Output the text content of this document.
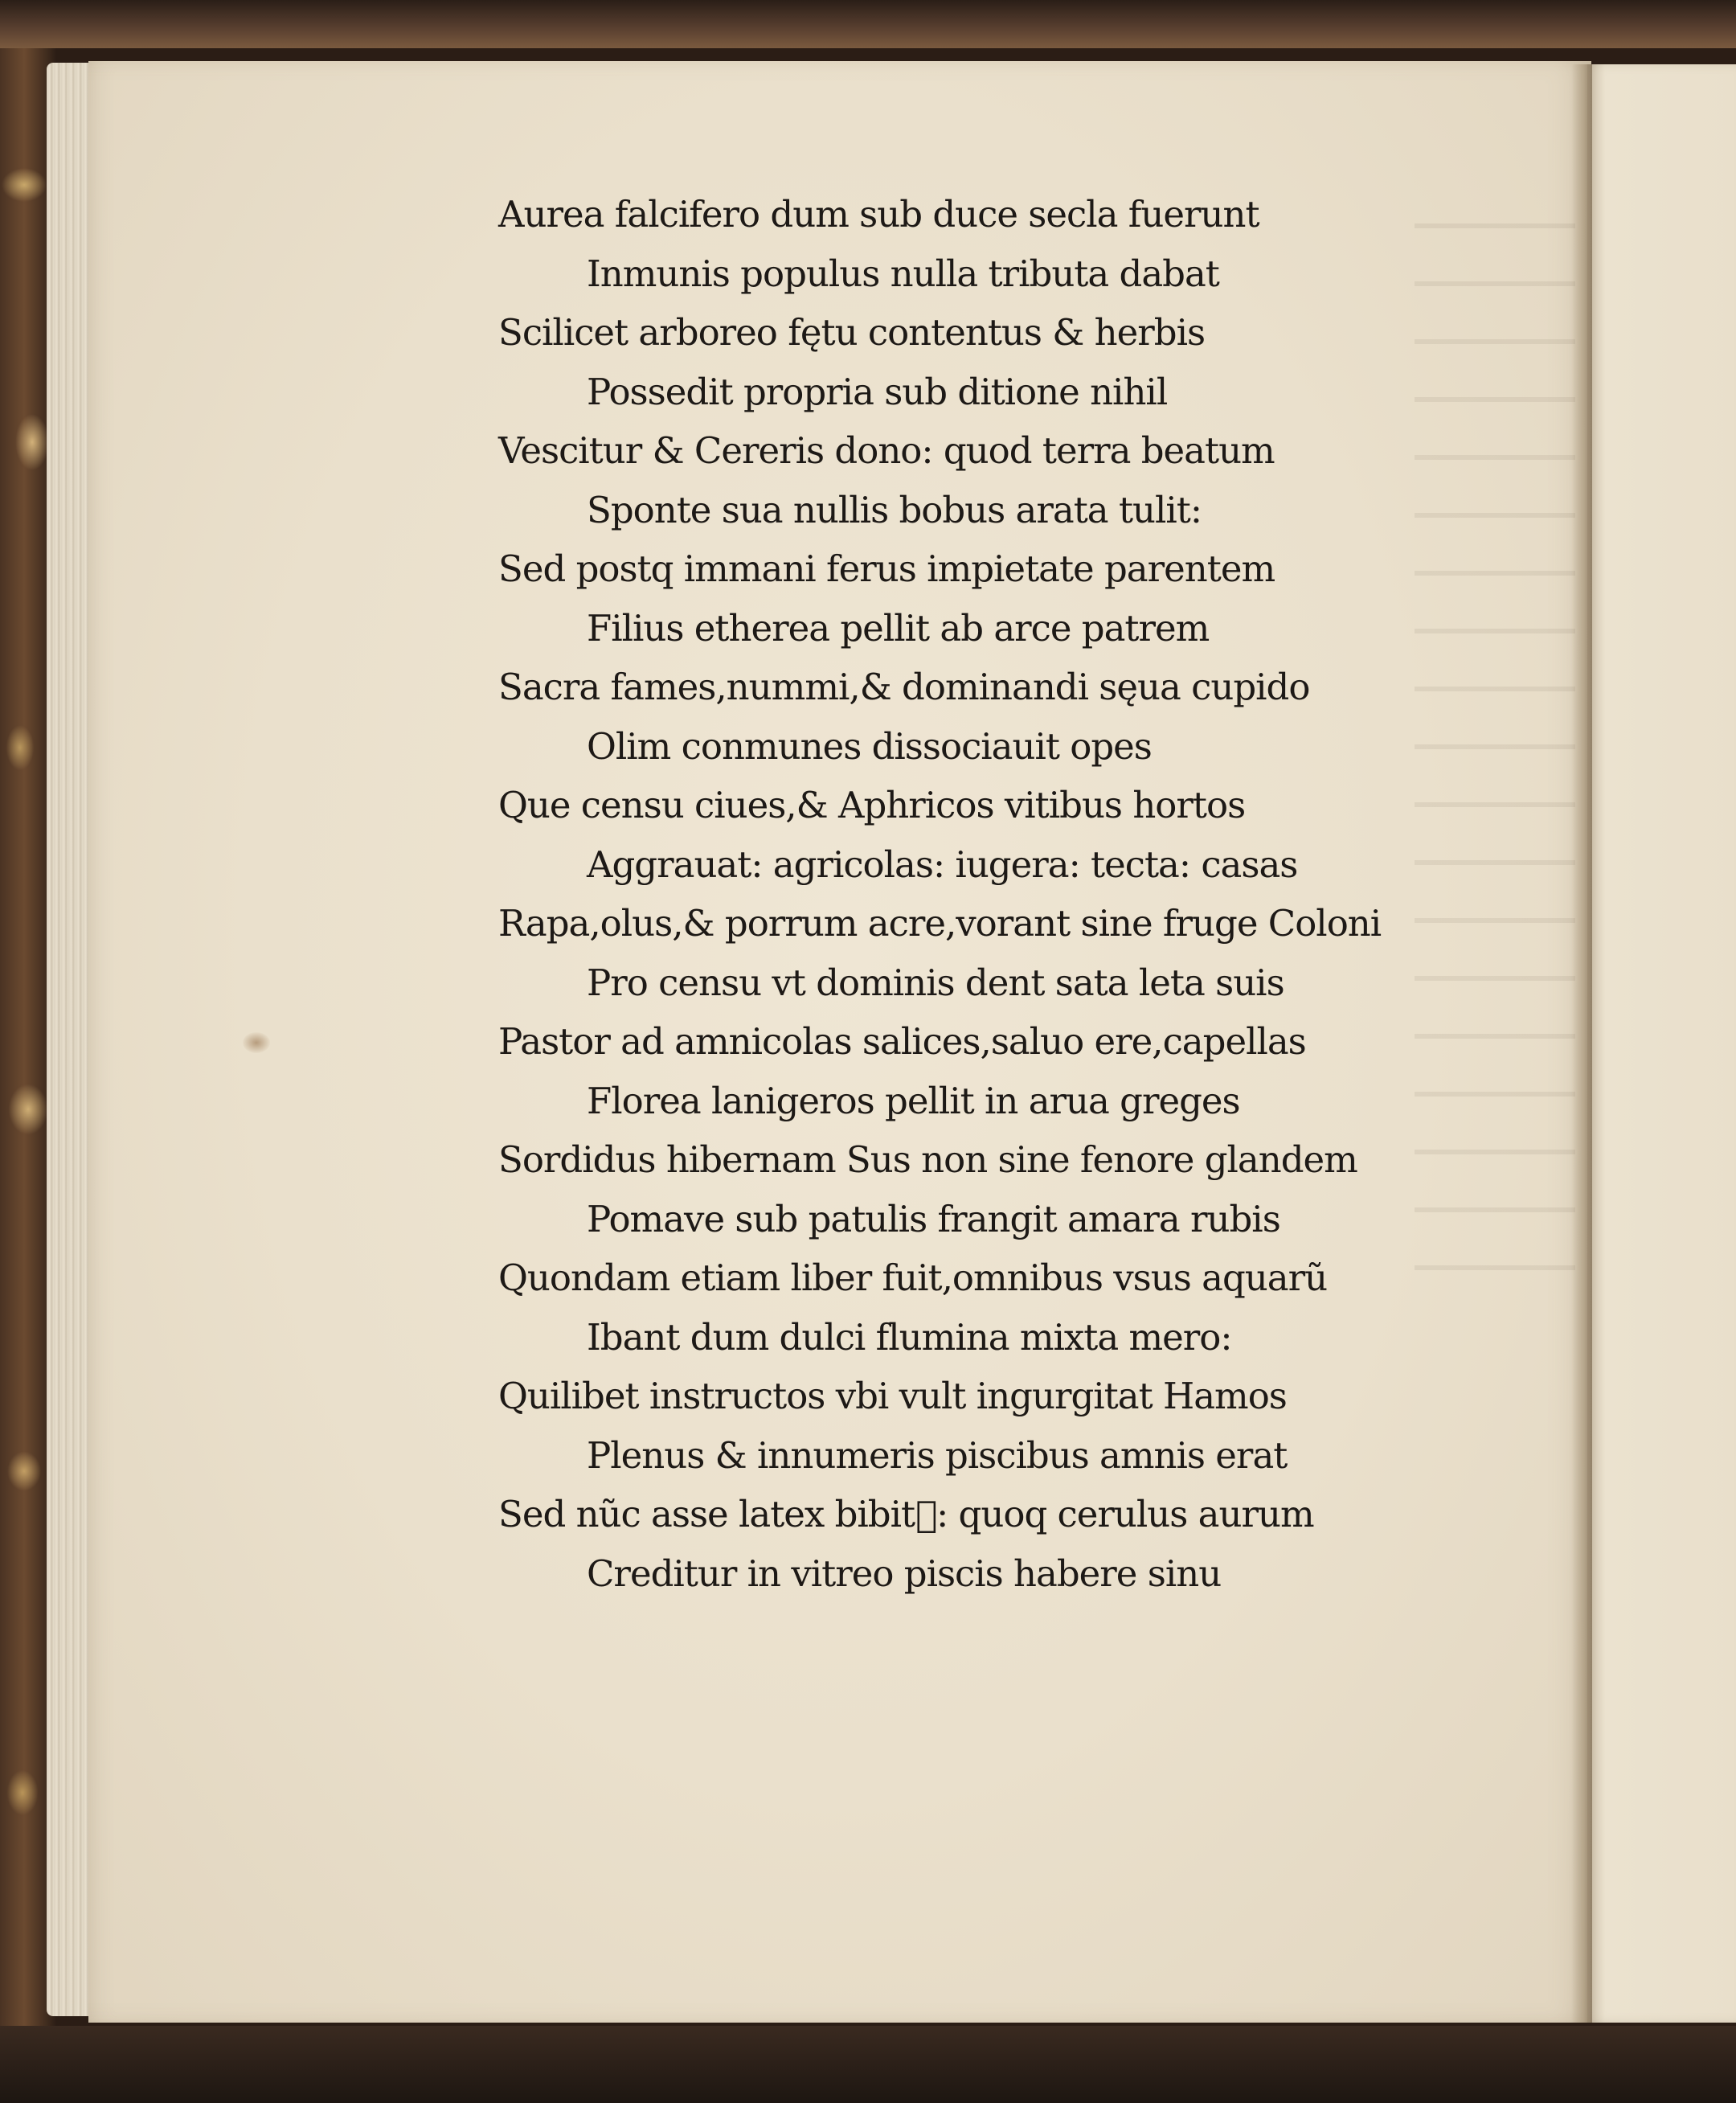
Aurea falcifero dum sub duce secla fuerunt
Inmunis populus nulla tributa dabat
Scilicet arboreo fętu contentus & herbis
Possedit propria sub ditione nihil
Vescitur & Cereris dono: quod terra beatum
Sponte sua nullis bobus arata tulit:
Sed postq immani ferus impietate parentem
Filius etherea pellit ab arce patrem
Sacra fames,nummi,& dominandi sęua cupido
Olim conmunes dissociauit opes
Que censu ciues,& Aphricos vitibus hortos
Aggrauat: agricolas: iugera: tecta: casas
Rapa,olus,& porrum acre,vorant sine fruge Coloni
Pro censu vt dominis dent sata leta suis
Pastor ad amnicolas salices,saluo ere,capellas
Florea lanigeros pellit in arua greges
Sordidus hibernam Sus non sine fenore glandem
Pomave sub patulis frangit amara rubis
Quondam etiam liber fuit,omnibus vsus aquarũ
Ibant dum dulci flumina mixta mero:
Quilibet instructos vbi vult ingurgitat Hamos
Plenus & innumeris piscibus amnis erat
Sed nũc asse latex bibitᷣ: quoq cerulus aurum
Creditur in vitreo piscis habere sinu
